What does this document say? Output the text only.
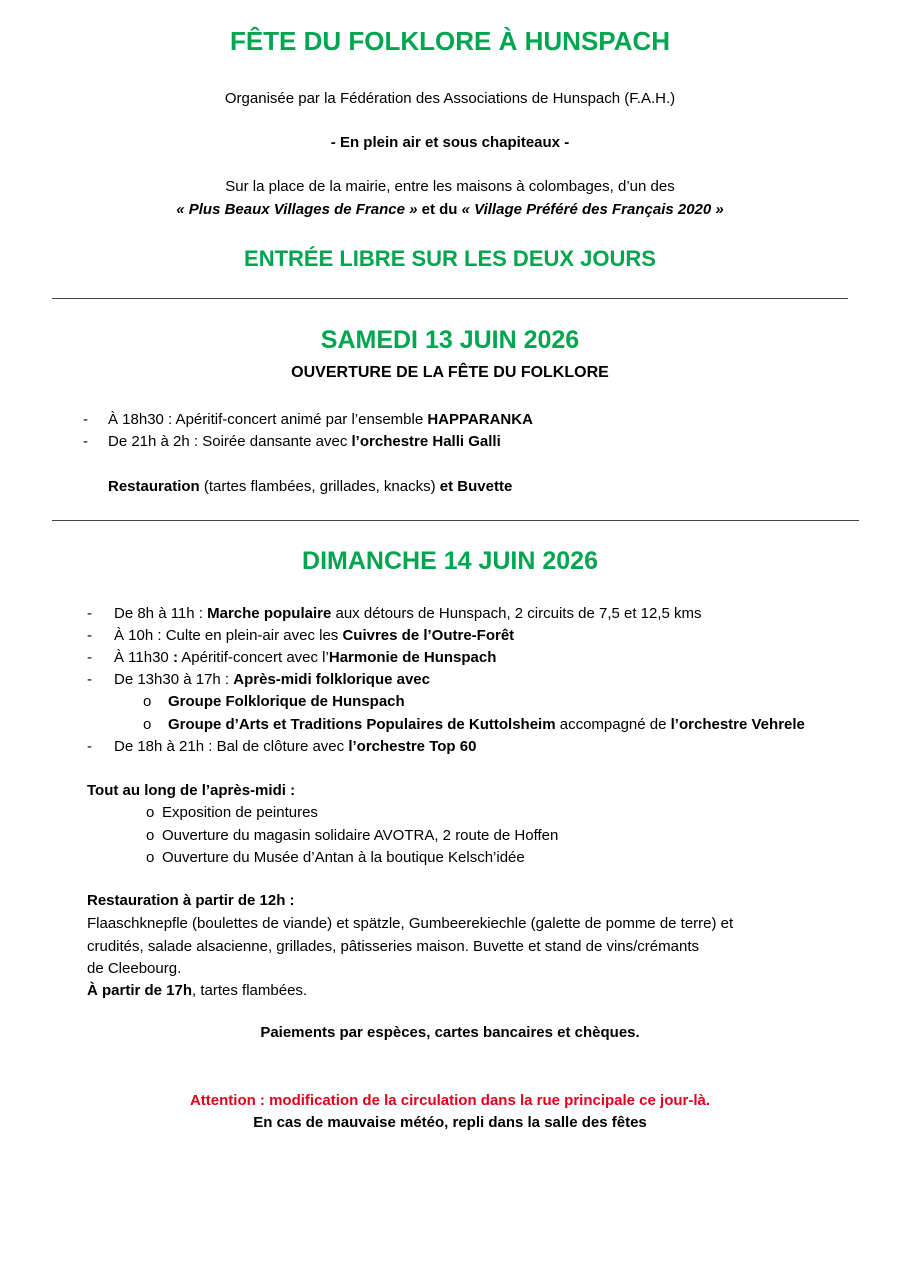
FÊTE DU FOLKLORE À HUNSPACH
Organisée par la Fédération des Associations de Hunspach (F.A.H.)
- En plein air et sous chapiteaux -
Sur la place de la mairie, entre les maisons à colombages, d’un des
« Plus Beaux Villages de France » et du « Village Préféré des Français 2020 »
ENTRÉE LIBRE SUR LES DEUX JOURS
SAMEDI 13 JUIN 2026
OUVERTURE DE LA FÊTE DU FOLKLORE
- À 18h30 : Apéritif-concert animé par l’ensemble HAPPARANKA
- De 21h à 2h : Soirée dansante avec l’orchestre Halli Galli
Restauration (tartes flambées, grillades, knacks) et Buvette
DIMANCHE 14 JUIN 2026
- De 8h à 11h : Marche populaire aux détours de Hunspach, 2 circuits de 7,5 et 12,5 kms
- À 10h : Culte en plein-air avec les Cuivres de l’Outre-Forêt
- À 11h30 : Apéritif-concert avec l’Harmonie de Hunspach
- De 13h30 à 17h : Après-midi folklorique avec
o Groupe Folklorique de Hunspach
o Groupe d’Arts et Traditions Populaires de Kuttolsheim accompagné de l’orchestre Vehrele
- De 18h à 21h : Bal de clôture avec l’orchestre Top 60
Tout au long de l’après-midi :
o Exposition de peintures
o Ouverture du magasin solidaire AVOTRA, 2 route de Hoffen
o Ouverture du Musée d’Antan à la boutique Kelsch’idée
Restauration à partir de 12h :
Flaaschknepfle (boulettes de viande) et spätzle, Gumbeerekiechle (galette de pomme de terre) et
crudités, salade alsacienne, grillades, pâtisseries maison. Buvette et stand de vins/crémants
de Cleebourg.
À partir de 17h, tartes flambées.
Paiements par espèces, cartes bancaires et chèques.
Attention : modification de la circulation dans la rue principale ce jour-là.
En cas de mauvaise météo, repli dans la salle des fêtes
